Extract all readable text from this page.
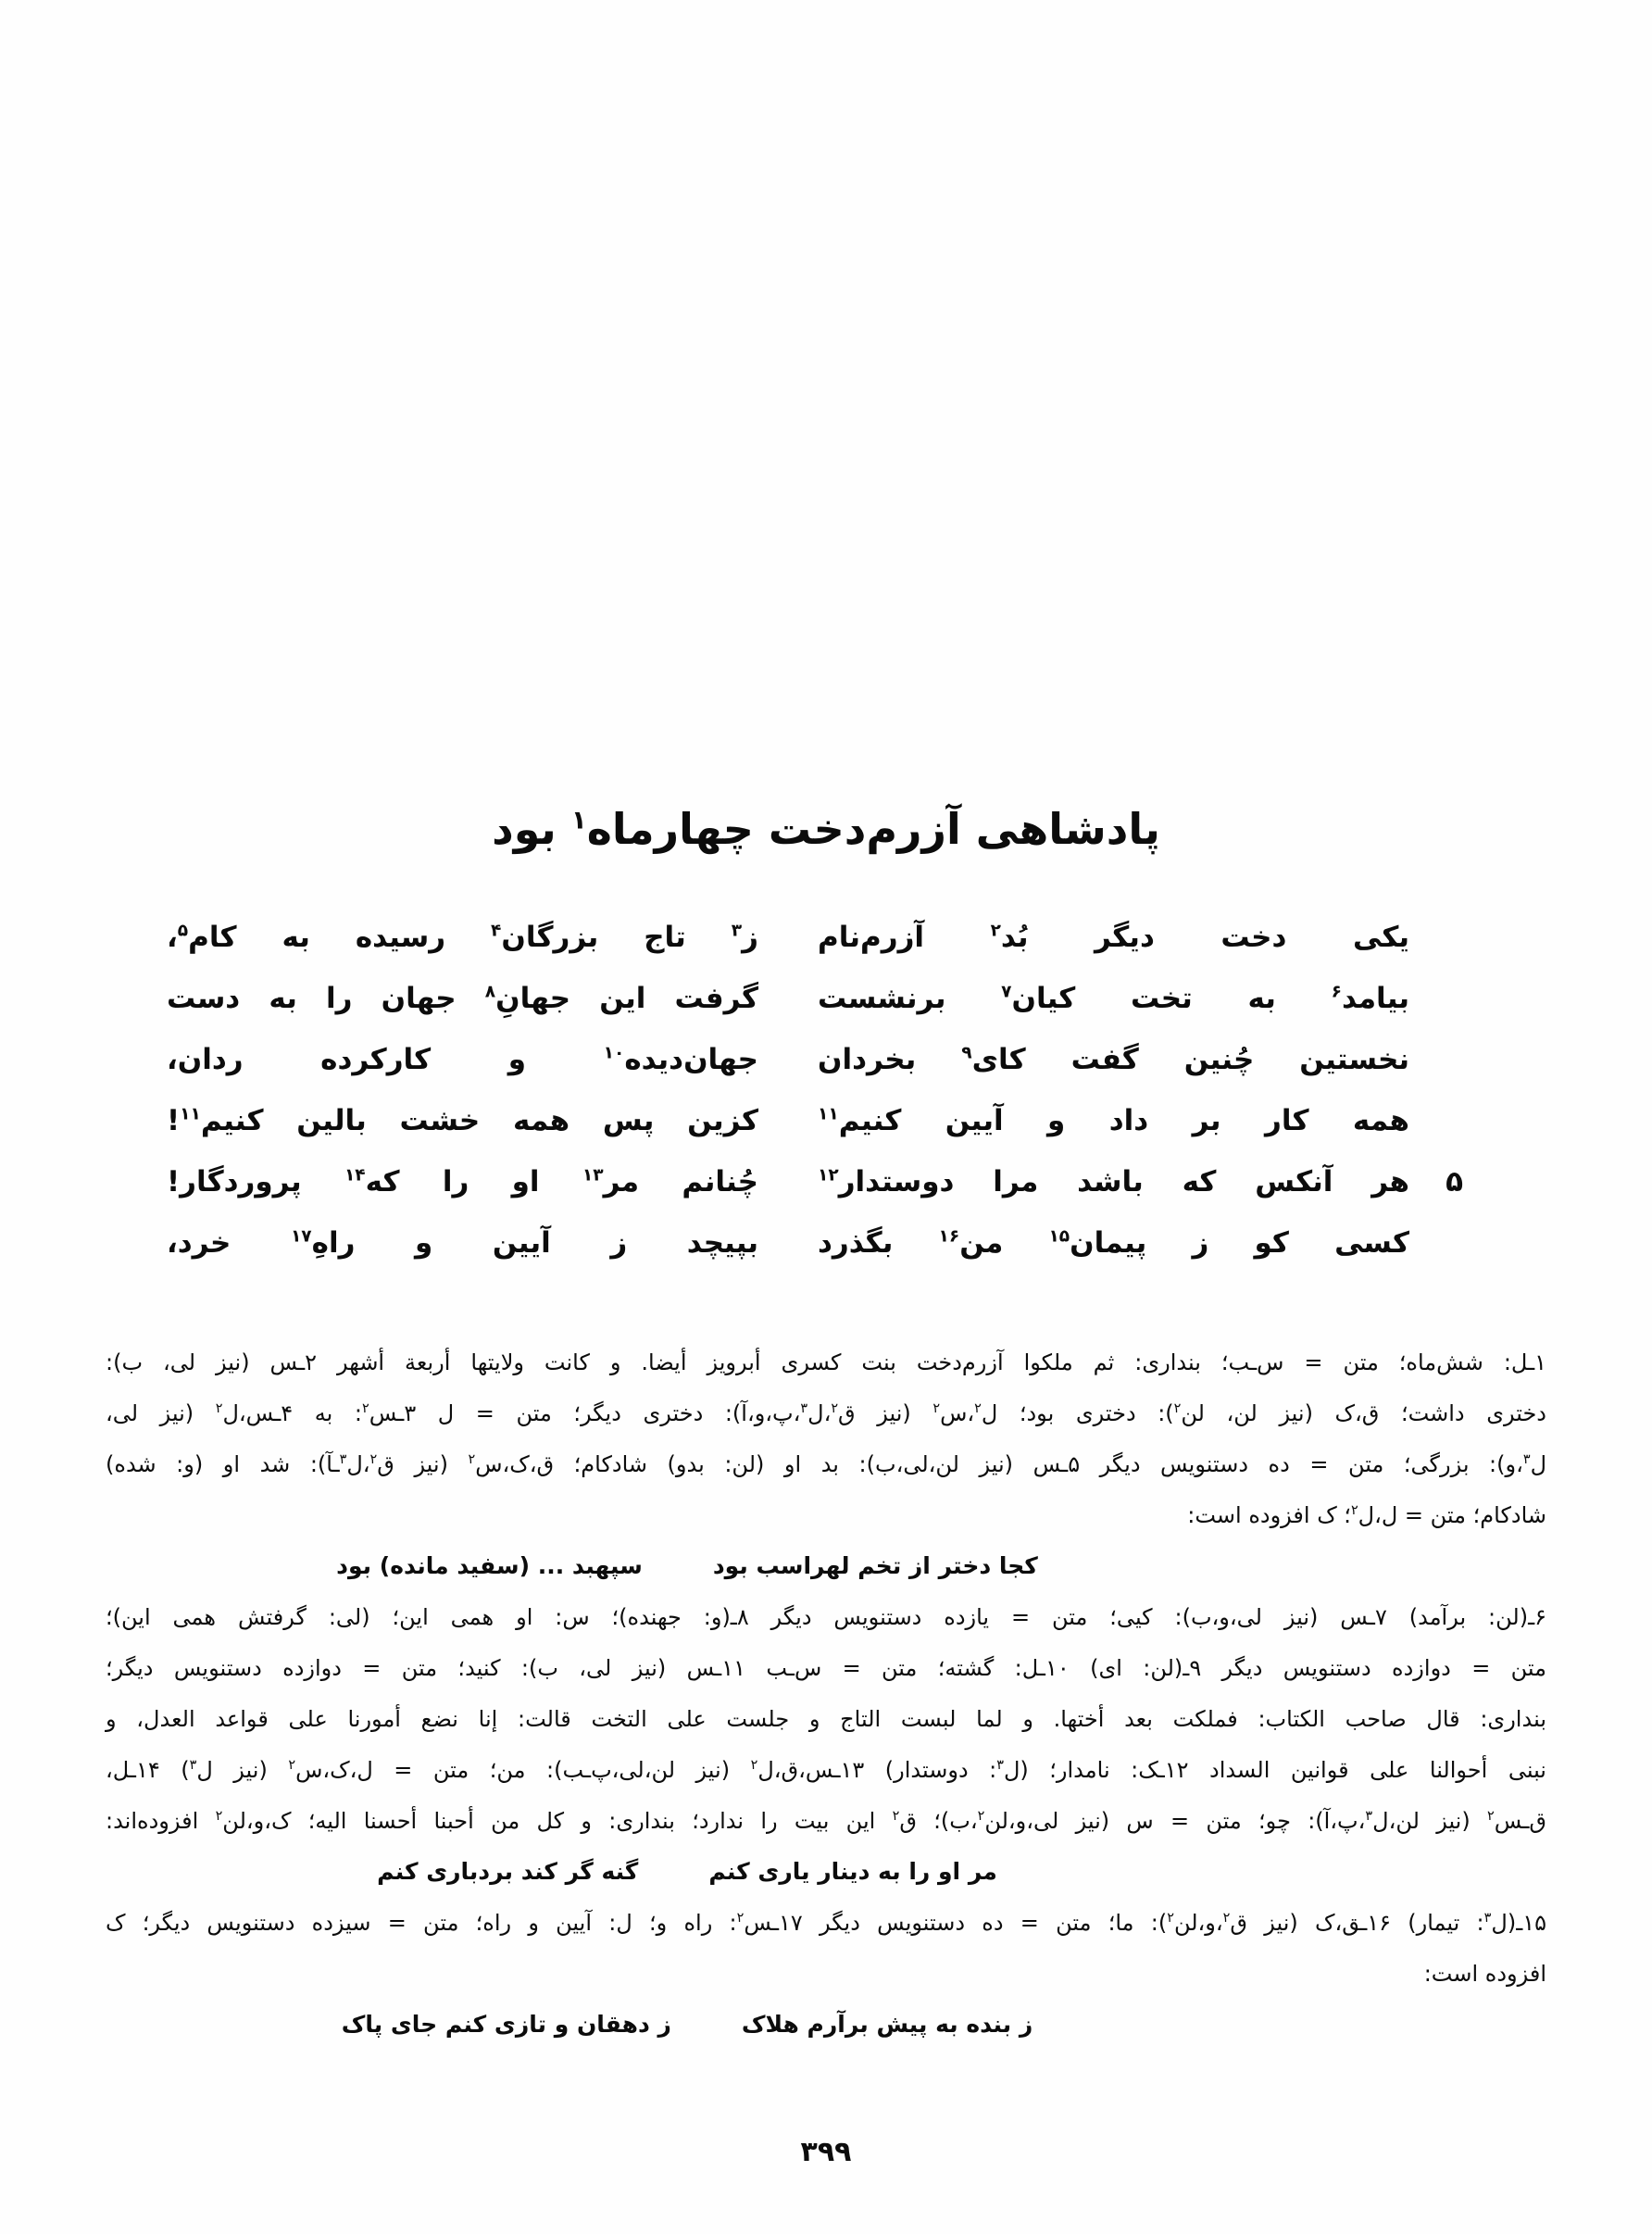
پادشاهی آزرم‌دخت چهارماه$^۱$ بود
یکی دخت دیگر بُد$^۲$ آزرم‌نام
ز$^۳$ تاج بزرگان$^۴$ رسیده به کام$^۵$،
بیامد$^۶$ به تخت کیان$^۷$ برنشست
گرفت این جهانِ$^۸$ جهان را به دست
نخستین چُنین گفت کای$^۹$ بخردان
جهان‌دیده$^{۱۰}$ و کارکرده ردان،
همه کار بر داد و آیین کنیم$^{۱۱}$
کزین پس همه خشت بالین کنیم$^{۱۱}$!
۵
هر آنکس که باشد مرا دوستدار$^{۱۲}$
چُنانم مر$^{۱۳}$ او را که$^{۱۴}$ پروردگار!
کسی کو ز پیمان$^{۱۵}$ من$^{۱۶}$ بگذرد
بپیچد ز آیین و راهِ$^{۱۷}$ خرد،
۱ـل: شش‌ماه؛ متن = س‌ـب؛ بنداری: ثم ملکوا آزرم‌دخت بنت کسری أبرویز أیضا. و کانت ولایتها أربعة أشهر ۲ـس (نیز لی، ب):
دختری داشت؛ ق،ک (نیز لن، لن$^۲$): دختری بود؛ ل$^۲$،س$^۲$ (نیز ق$^۲$،ل$^۳$،پ،و،آ): دختری دیگر؛ متن = ل ۳ـس$^۲$: به ۴ـس،ل$^۲$ (نیز لی،
ل$^۳$،و): بزرگی؛ متن = ده دستنویس دیگر ۵ـس (نیز لن،لی،ب): بد او (لن: بدو) شادکام؛ ق،ک،س$^۲$ (نیز ق$^۲$،ل$^۳$ـآ): شد او (و: شده)
شادکام؛ متن = ل،ل$^۲$؛ ک افزوده است:
کجا دختر از تخم لهراسب بود
سپهبد ... (سفید مانده) بود
۶ـ(لن: برآمد) ۷ـس (نیز لی،و،ب): کیی؛ متن = یازده دستنویس دیگر ۸ـ(و: جهنده)؛ س: او همی این؛ (لی: گرفتش همی این)؛
متن = دوازده دستنویس دیگر ۹ـ(لن: ای) ۱۰ـل: گشته؛ متن = س‌ـب ۱۱ـس (نیز لی، ب): کنید؛ متن = دوازده دستنویس دیگر؛
بنداری: قال صاحب الکتاب: فملکت بعد أختها. و لما لبست التاج و جلست علی التخت قالت: إنا نضع أمورنا علی قواعد العدل، و
نبنی أحوالنا علی قوانین السداد ۱۲ـک: نامدار؛ (ل$^۳$: دوستدار) ۱۳ـس،ق،ل$^۲$ (نیز لن،لی،پ‌ـب): من؛ متن = ل،ک،س$^۲$ (نیز ل$^۳$) ۱۴ـل،
ق‌ـس$^۲$ (نیز لن،ل$^۳$،پ،آ): چو؛ متن = س (نیز لی،و،لن$^۲$،ب)؛ ق$^۲$ این بیت را ندارد؛ بنداری: و کل من أحبنا أحسنا الیه؛ ک،و،لن$^۲$ افزوده‌اند:
مر او را به دینار یاری کنم
گنه گر کند بردباری کنم
۱۵ـ(ل$^۳$: تیمار) ۱۶ـق،ک (نیز ق$^۲$،و،لن$^۲$): ما؛ متن = ده دستنویس دیگر ۱۷ـس$^۲$: راه و؛ ل: آیین و راه؛ متن = سیزده دستنویس دیگر؛ ک
افزوده است:
ز بنده به پیش برآرم هلاک
ز دهقان و تازی کنم جای پاک
۳۹۹
